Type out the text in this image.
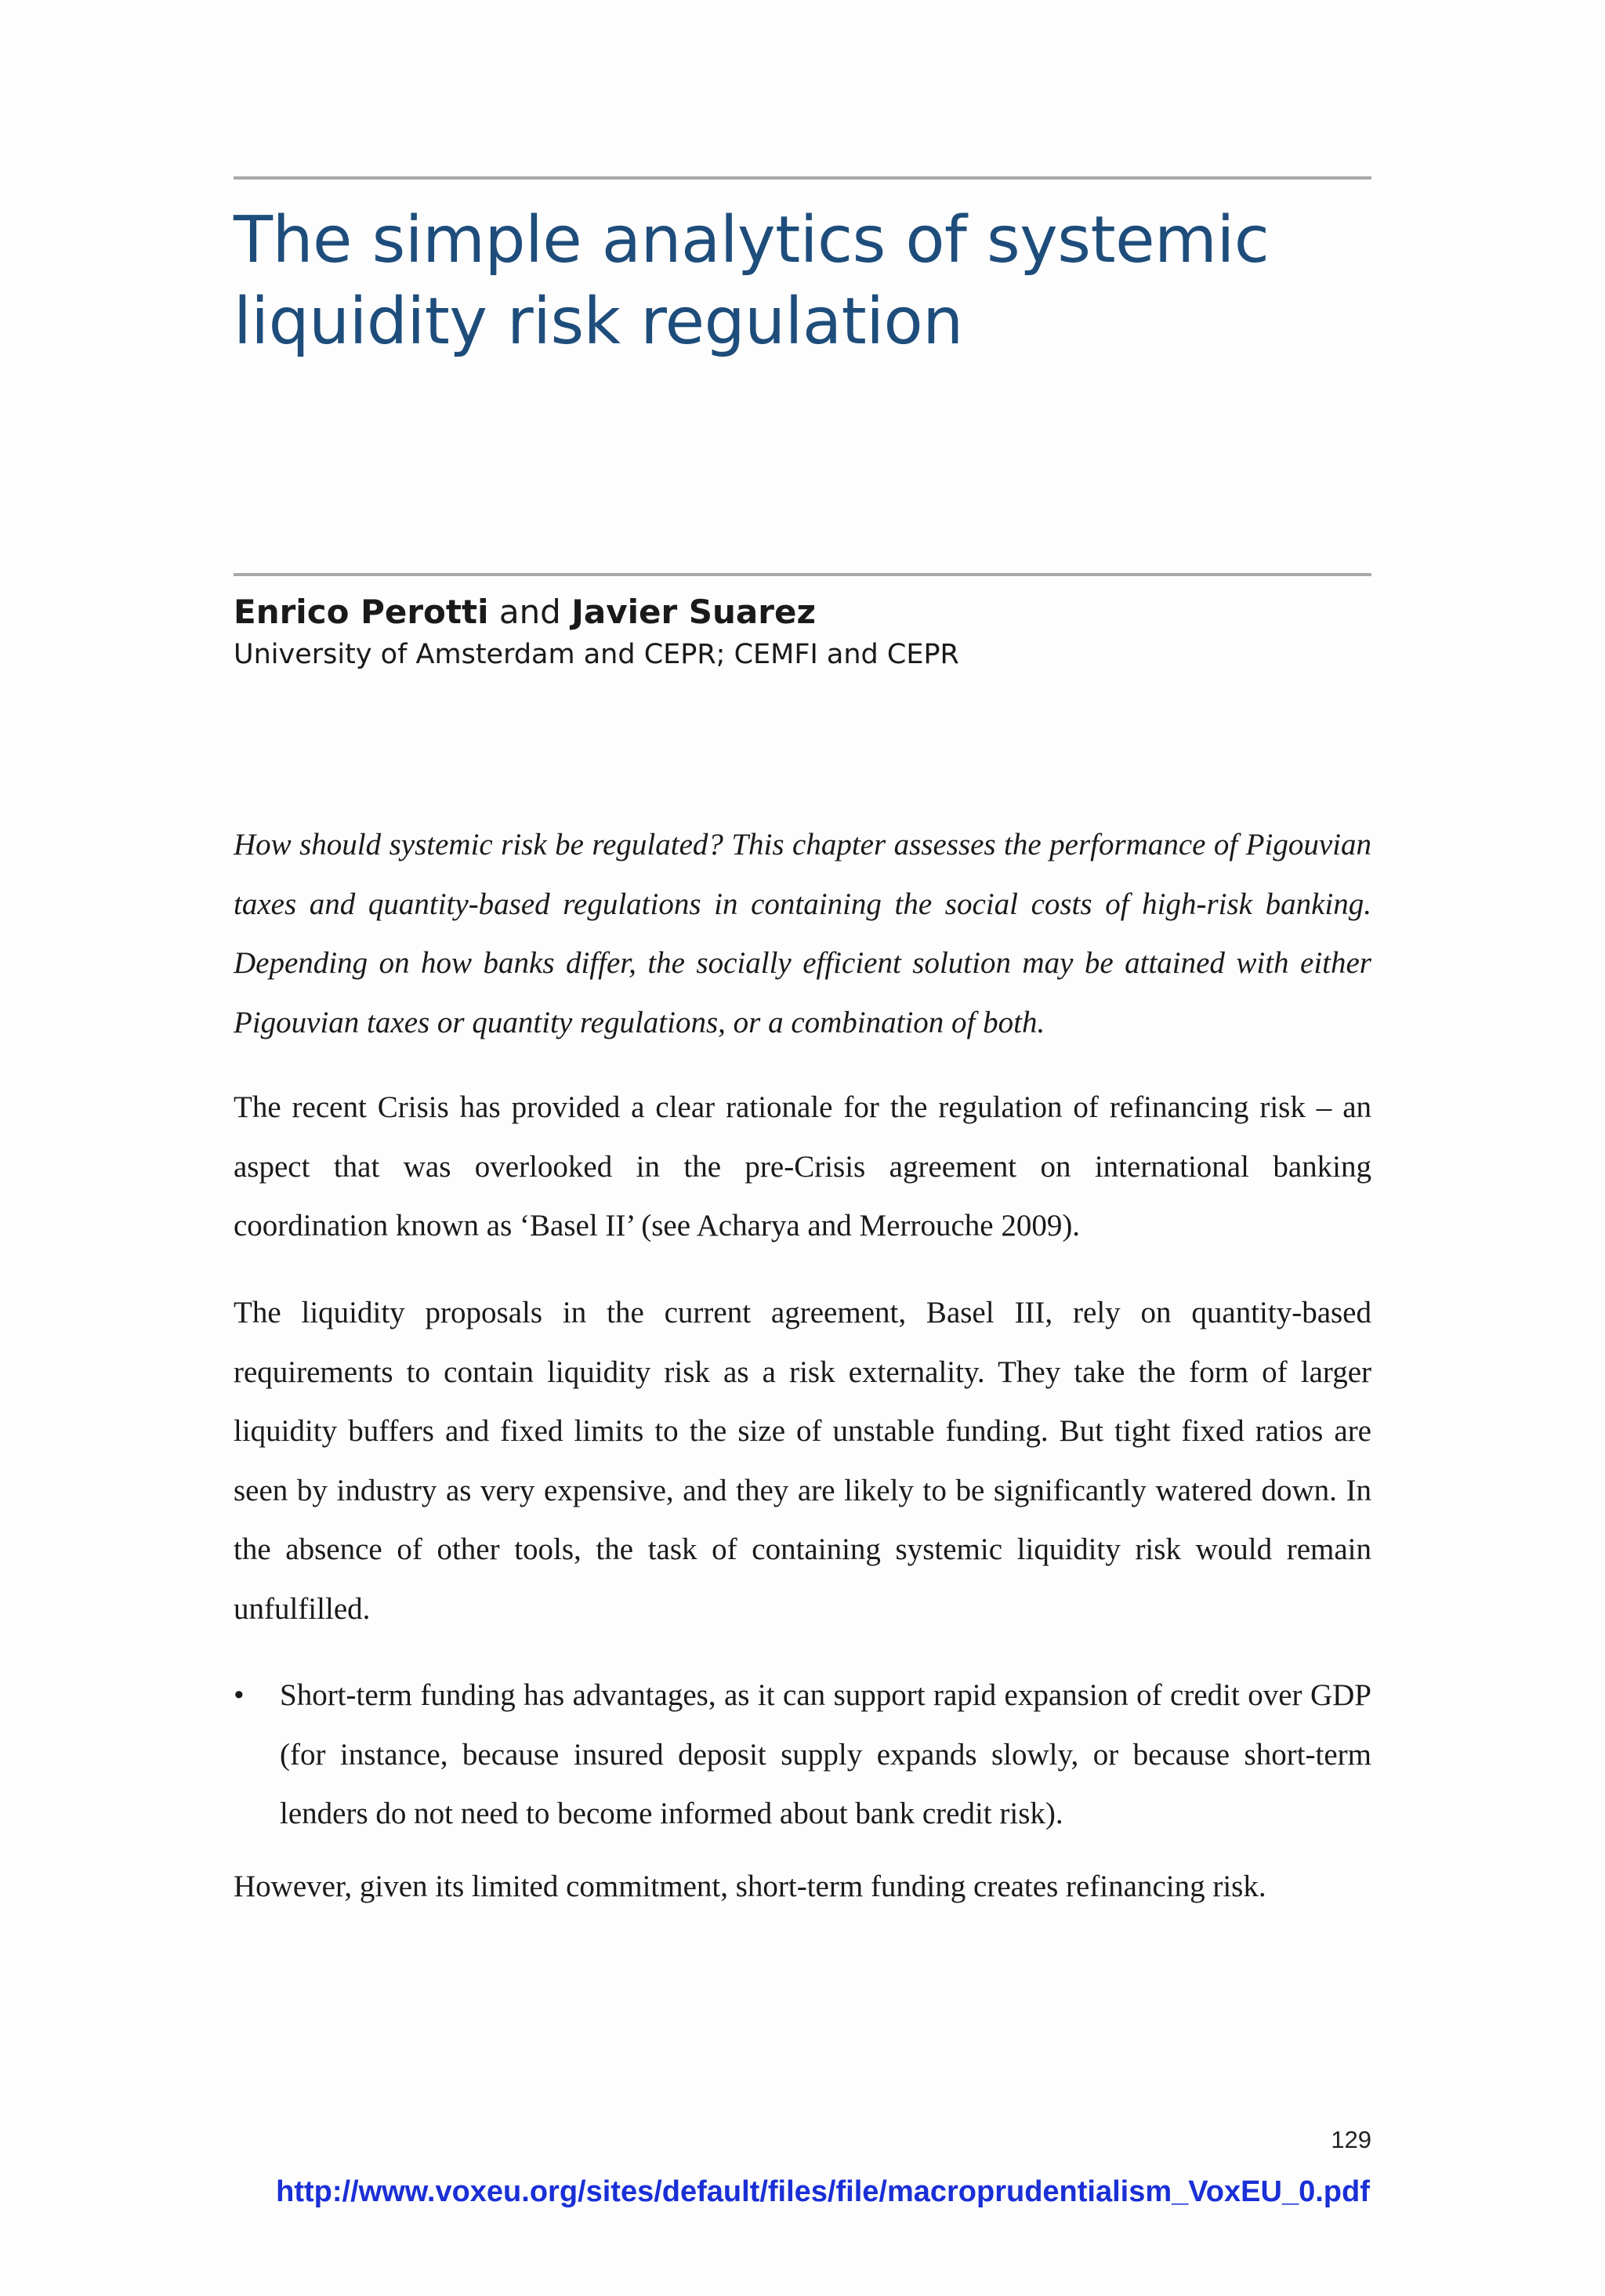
The simple analytics of systemic
liquidity risk regulation
Enrico Perotti and Javier Suarez
University of Amsterdam and CEPR; CEMFI and CEPR

How should systemic risk be regulated? This chapter assesses the performance of Pigouvian taxes and quantity-based regulations in containing the social costs of high-risk banking. Depending on how banks differ, the socially efficient solution may be attained with either Pigouvian taxes or quantity regulations, or a combination of both.

The recent Crisis has provided a clear rationale for the regulation of refinancing risk – an aspect that was overlooked in the pre-Crisis agreement on international banking coordination known as ‘Basel II’ (see Acharya and Merrouche 2009).

The liquidity proposals in the current agreement, Basel III, rely on quantity-based requirements to contain liquidity risk as a risk externality. They take the form of larger liquidity buffers and fixed limits to the size of unstable funding. But tight fixed ratios are seen by industry as very expensive, and they are likely to be significantly watered down. In the absence of other tools, the task of containing systemic liquidity risk would remain unfulfilled.

• Short-term funding has advantages, as it can support rapid expansion of credit over GDP (for instance, because insured deposit supply expands slowly, or because short-term lenders do not need to become informed about bank credit risk).

However, given its limited commitment, short-term funding creates refinancing risk.

129
http://www.voxeu.org/sites/default/files/file/macroprudentialism_VoxEU_0.pdf
